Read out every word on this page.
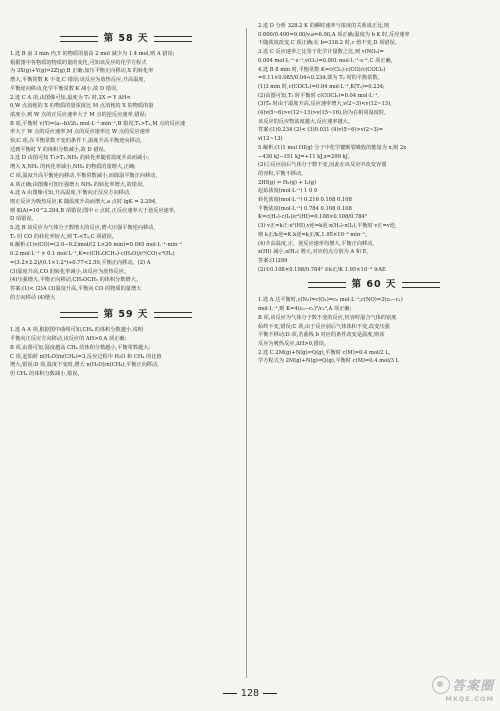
第 58 天
1.选 B 前 3 min 内,Y 的物质的量由 2 mol 减少为 1.4 mol,则 A 错误;
根据图中各物质的物质的量的变化,可知该反应的化学方程式
为 3X(g)+Y(g)⇌2Z(g),B 正确;加压平衡正向移动,X 的转化率
增大,平衡常数 K 不变,C 错误;该反应为放热反应,升高温度,
平衡逆向移动,化学平衡常数 K 减小,故 D 错误。
2.选 C A 项,由图像可知,温度为 T₁ 时,2X ⇌ Y ΔH<
0,W 点消耗的 X 的物质的量浓度比 M 点消耗的 X 的物质的量
浓度小,则 W 点的正反应速率大于 M 点的逆反应速率,错误;
B 项,平衡时 v(Y)=(a−b)/2t₁ mol·L⁻¹·min⁻¹,B 错误;T₁>T₂,M 点的反应速
率大于 W 点的反应速率,M 点的反应速率比 W 点的反应速率
快;C 项,在平衡常数不变的条件下,温度升高平衡逆向移动,
达到平衡时 Y 的体积分数减小,故 D 错误。
3.选 D 由图可知 T₁>T₂,NH₃ 的转化率随着温度升高而减小;
增大 X,NH₃ 的转化率减小,NH₃ 的物质的量增大,正确;
C 项,温度升高平衡逆向移动,平衡常数减小,而降温平衡正向移动,
A 项正确;由图像可知压强增大 NH₃ 的转化率增大,故错误。
4.选 A 由图像可知,升高温度,平衡向正反应方向移动,
则正反应为吸热反应,K 随温度升高而增大,a 点时 lgK = 2.294,
则 K(A)=10^2.294,B 项错误;图中 c 点时,正反应速率大于逆反应速率,
D 项错误。
5.选 B 该反应为气体分子数增大的反应,增大压强平衡逆向移动,
T₂ 时 CO 的转化率较大,则 T₁<T₂,C 项错误。
6.解析:(1)v(CO)=(2.0−0.2)mol/(2 L×20 min)=0.045 mol·L⁻¹·min⁻¹
0.2 mol·L⁻¹ × 0.1 mol·L⁻¹,K=c(CH₃OCH₃)·c(H₂O)/c²(CO)·c⁴(H₂)
=(3.2×2.2)/(0.1×1.2⁴)≈0.77<2.50,平衡正向移动。(2) A
(3)温度升高,CO 的转化率减小,该反应为放热反应。
(4)压强增大,平衡正向移动,CH₃OCH₃ 的体积分数增大。
答案:(1)< (2)A (3)温度升高,平衡向 CO 的物质的量增大
的方向移动 (4)增大
第 59 天
1.选 A A 项,根据图中曲线可知,CH₄ 的体积分数越小,说明
平衡向正反应方向移动,该反应的 ΔH>0,A 项正确;
B 项,由图可知,温度越高 CH₄ 的体积分数越小,平衡常数越大;
C 项,起始时 n(H₂O)/n(CH₄)=3,反应过程中 H₂O 和 CH₄ 的比值
增大,错误;D 项,温度不变时,增大 n(H₂O)/n(CH₄),平衡正向移动,
但 CH₄ 的体积分数减小,错误。
2.选 D 分析 328.2 K 的瞬时速率与浓度的关系成正比,则
0.600/0.400=9.00/v,a=6.00,A 项正确;温度为 b K 时,反应速率
不随浓度改变,C 项正确;在 b=318.2 时,c 值不变,D 项错误。
3.选 C 反应速率之比等于化学计量数之比,则 v(NO₂)=
0.004 mol·L⁻¹·s⁻¹,v(O₂)=0.001 mol·L⁻¹·s⁻¹,C 项正确。
4.选 B 8 min 时,平衡常数 K=c(Cl₂)·c(CO)/c(COCl₂)
=0.11×0.085/0.04≈0.234,即为 T₂ 时的平衡常数。
(1)3 min 时,c(COCl₂)=0.04 mol·L⁻¹,K(T₂)=0.234;
(2)由图可知,T₂ 时平衡时 c(COCl₂)=0.04 mol·L⁻¹,
(3)T₈ 时由于温度升高,反应速率增大,v(2~3)<v(12~13),
(4)v(5~6)>v(12~13)>v(15~16),因为在相同温度时,
该反应的反应物浓度越大,反应速率越大。
答案:(1)0.234 (2)< (3)0.031 (4)v(5~6)>v(2~3)=
v(12~13)
5.解析:(1)1 mol HI(g) 分子中化学键断裂吸收的能量为 x,则 2x
−436 kJ−151 kJ=+11 kJ,x=299 kJ。
(2)①反应前后气体分子数不变,因此在该反应中改变容器
的容积,平衡不移动。
2HI(g) ⇌ H₂(g) + I₂(g)
起始浓度(mol·L⁻¹) 1 0 0
转化浓度(mol·L⁻¹) 0.216 0.108 0.108
平衡浓度(mol·L⁻¹) 0.784 0.108 0.108
K=c(H₂)·c(I₂)/c²(HI)=0.108×0.108/0.784²
(3) v正=k正·x²(HI),v逆=k逆·x(H₂)·x(I₂),平衡时 v正=v逆,
则 k正/k逆=K,k逆=k正/K,1.95×10⁻³ min⁻¹。
(4)升高温度,正、逆反应速率均增大,平衡正向移动,
x(HI) 减小,x(H₂) 增大,对应的点分别为 A 和 E。
答案:(1)299
(2)①0.108×0.108/0.784² ②k正/K 1.95×10⁻³ ③AE
第 60 天
1.选 A 达平衡时,c(N₂)=c(O₂)=c₀ mol·L⁻¹,c(NO)=2(c₀−c₁)
mol·L⁻¹,则 K=4(c₀−c₁)²/c₁²,A 项正确;
B 项,该反应为气体分子数不变的反应,恒容时混合气体的密度
始终不变,错误;C 项,由于反应前后气体体积不变,改变压强
平衡不移动;D 项,若曲线 b 对应的条件改变是温度,则该
反应为吸热反应,ΔH>0,错误。
2.选 C 2M(g)+N(g)⇌Q(g),平衡时 c(M)=0.4 mol/2 L,
学方程式为 2M(g)+N(g)⇌Q(g),平衡时 c(M)=0.4 mol/3 L
128	答案圈
MXQE.COM
